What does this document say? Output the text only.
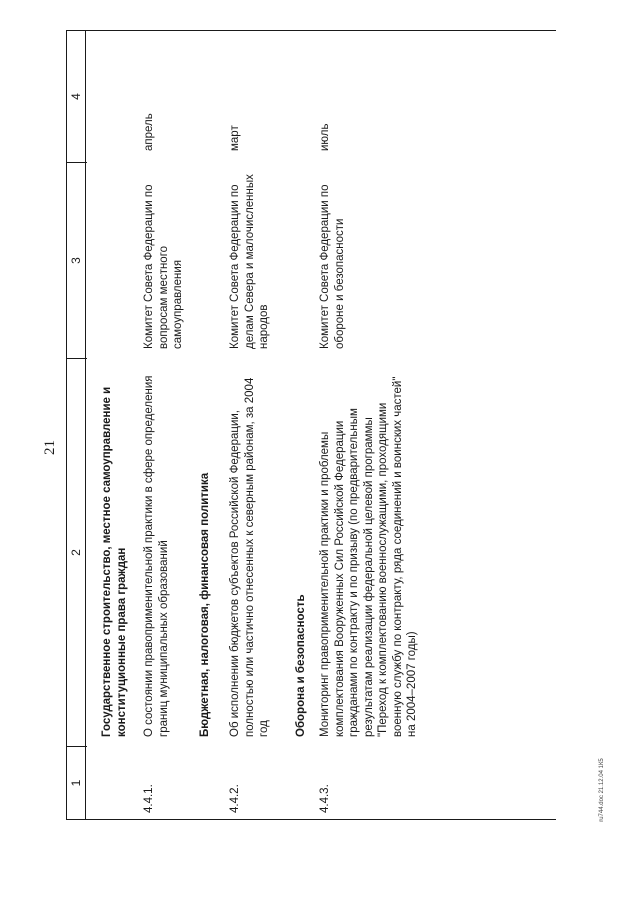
21
ru744.doc 21.12.04 1К5
1
2
3
4
Государственное строительство, местное самоуправление и конституционные права граждан
4.4.1.
О состоянии правоприменительной практики в сфере определения границ муниципальных образований
Комитет Совета Федерации по вопросам местного самоуправления
апрель
Бюджетная, налоговая, финансовая политика
4.4.2.
Об исполнении бюджетов субъектов Российской Федерации, полностью или частично отнесенных к северным районам, за 2004 год
Комитет Совета Федерации по делам Севера и малочисленных народов
март
Оборона и безопасность
4.4.3.
Мониторинг правоприменительной практики и проблемы комплектования Вооруженных Сил Российской Федерации гражданами по контракту и по призыву (по предварительным результатам реализации федеральной целевой программы "Переход к комплектованию военнослужащими, проходящими военную службу по контракту, ряда соединений и воинских частей" на 2004–2007 годы)
Комитет Совета Федерации по обороне и безопасности
июль
